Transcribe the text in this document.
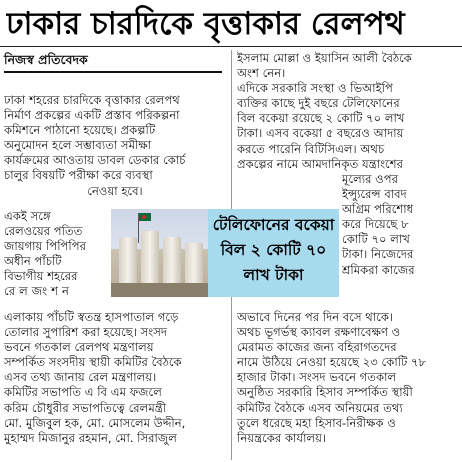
ঢাকার চারদিকে বৃত্তাকার রেলপথ
নিজস্ব প্রতিবেদক
ঢাকা শহরের চারদিকে বৃত্তাকার রেলপথ
নির্মাণ প্রকল্পের একটি প্রস্তাব পরিকল্পনা
কমিশনে পাঠানো হয়েছে। প্রকল্পটি
অনুমোদন হলে সম্ভাব্যতা সমীক্ষা
কার্যক্রমের আওতায় ডাবল ডেকার কোর্চ
চালুর বিষয়টি পরীক্ষা করে ব্যবস্থা
নেওয়া হবে।
একই সঙ্গে
রেলওয়ের পতিত
জায়গায় পিপিপির
অধীন পাঁচটি
বিভাগীয় শহরের
রেলজংশন
এলাকায় পাঁচটি স্বতন্ত্র হাসপাতাল গড়ে
তোলার সুপারিশ করা হয়েছে। সংসদ
ভবনে গতকাল রেলপথ মন্ত্রণালয়
সম্পর্কিত সংসদীয় স্থায়ী কমিটির বৈঠকে
এসব তথ্য জানায় রেল মন্ত্রণালয়।
কমিটির সভাপতি এ বি এম ফজলে
করিম চৌধুরীর সভাপতিত্বে রেলমন্ত্রী
মো. মুজিবুল হক, মো. মোসলেম উদ্দীন,
মুহাম্মদ মিজানুর রহমান, মো. সিরাজুল
টেলিফোনের বকেয়া
বিল ২ কোটি ৭০
লাখ টাকা
ইসলাম মোল্লা ও ইয়াসিন আলী বৈঠকে
অংশ নেন।
এদিকে সরকারি সংস্থা ও ভিআইপি
ব্যক্তির কাছে দুই বছরে টেলিফোনের
বিল বকেয়া রয়েছে ২ কোটি ৭০ লাখ
টাকা। এসব বকেয়া ৫ বছরেও আদায়
করতে পারেনি বিটিসিএল। অথচ
প্রকল্পের নামে আমদানিকৃত যন্ত্রাংশের
মূল্যের ওপর
ইন্স্যুরেন্স বাবদ
অগ্রিম পরিশোধ
করে দিয়েছে ৮
কোটি ৭০ লাখ
টাকা। নিজেদের
শ্রমিকরা কাজের
অভাবে দিনের পর দিন বসে থাকে।
অথচ ভূগর্ভস্থ ক্যাবল রক্ষণাবেক্ষণ ও
মেরামত কাজের জন্য বহিরাগতদের
নামে উঠিয়ে নেওয়া হয়েছে ২৩ কোটি ৭৮
হাজার টাকা। সংসদ ভবনে গতকাল
অনুষ্ঠিত সরকারি হিসাব সম্পর্কিত স্থায়ী
কমিটির বৈঠকে এসব অনিয়মের তথ্য
তুলে ধরেছে মহা হিসাব-নিরীক্ষক ও
নিয়ন্ত্রকের কার্যালয়।
